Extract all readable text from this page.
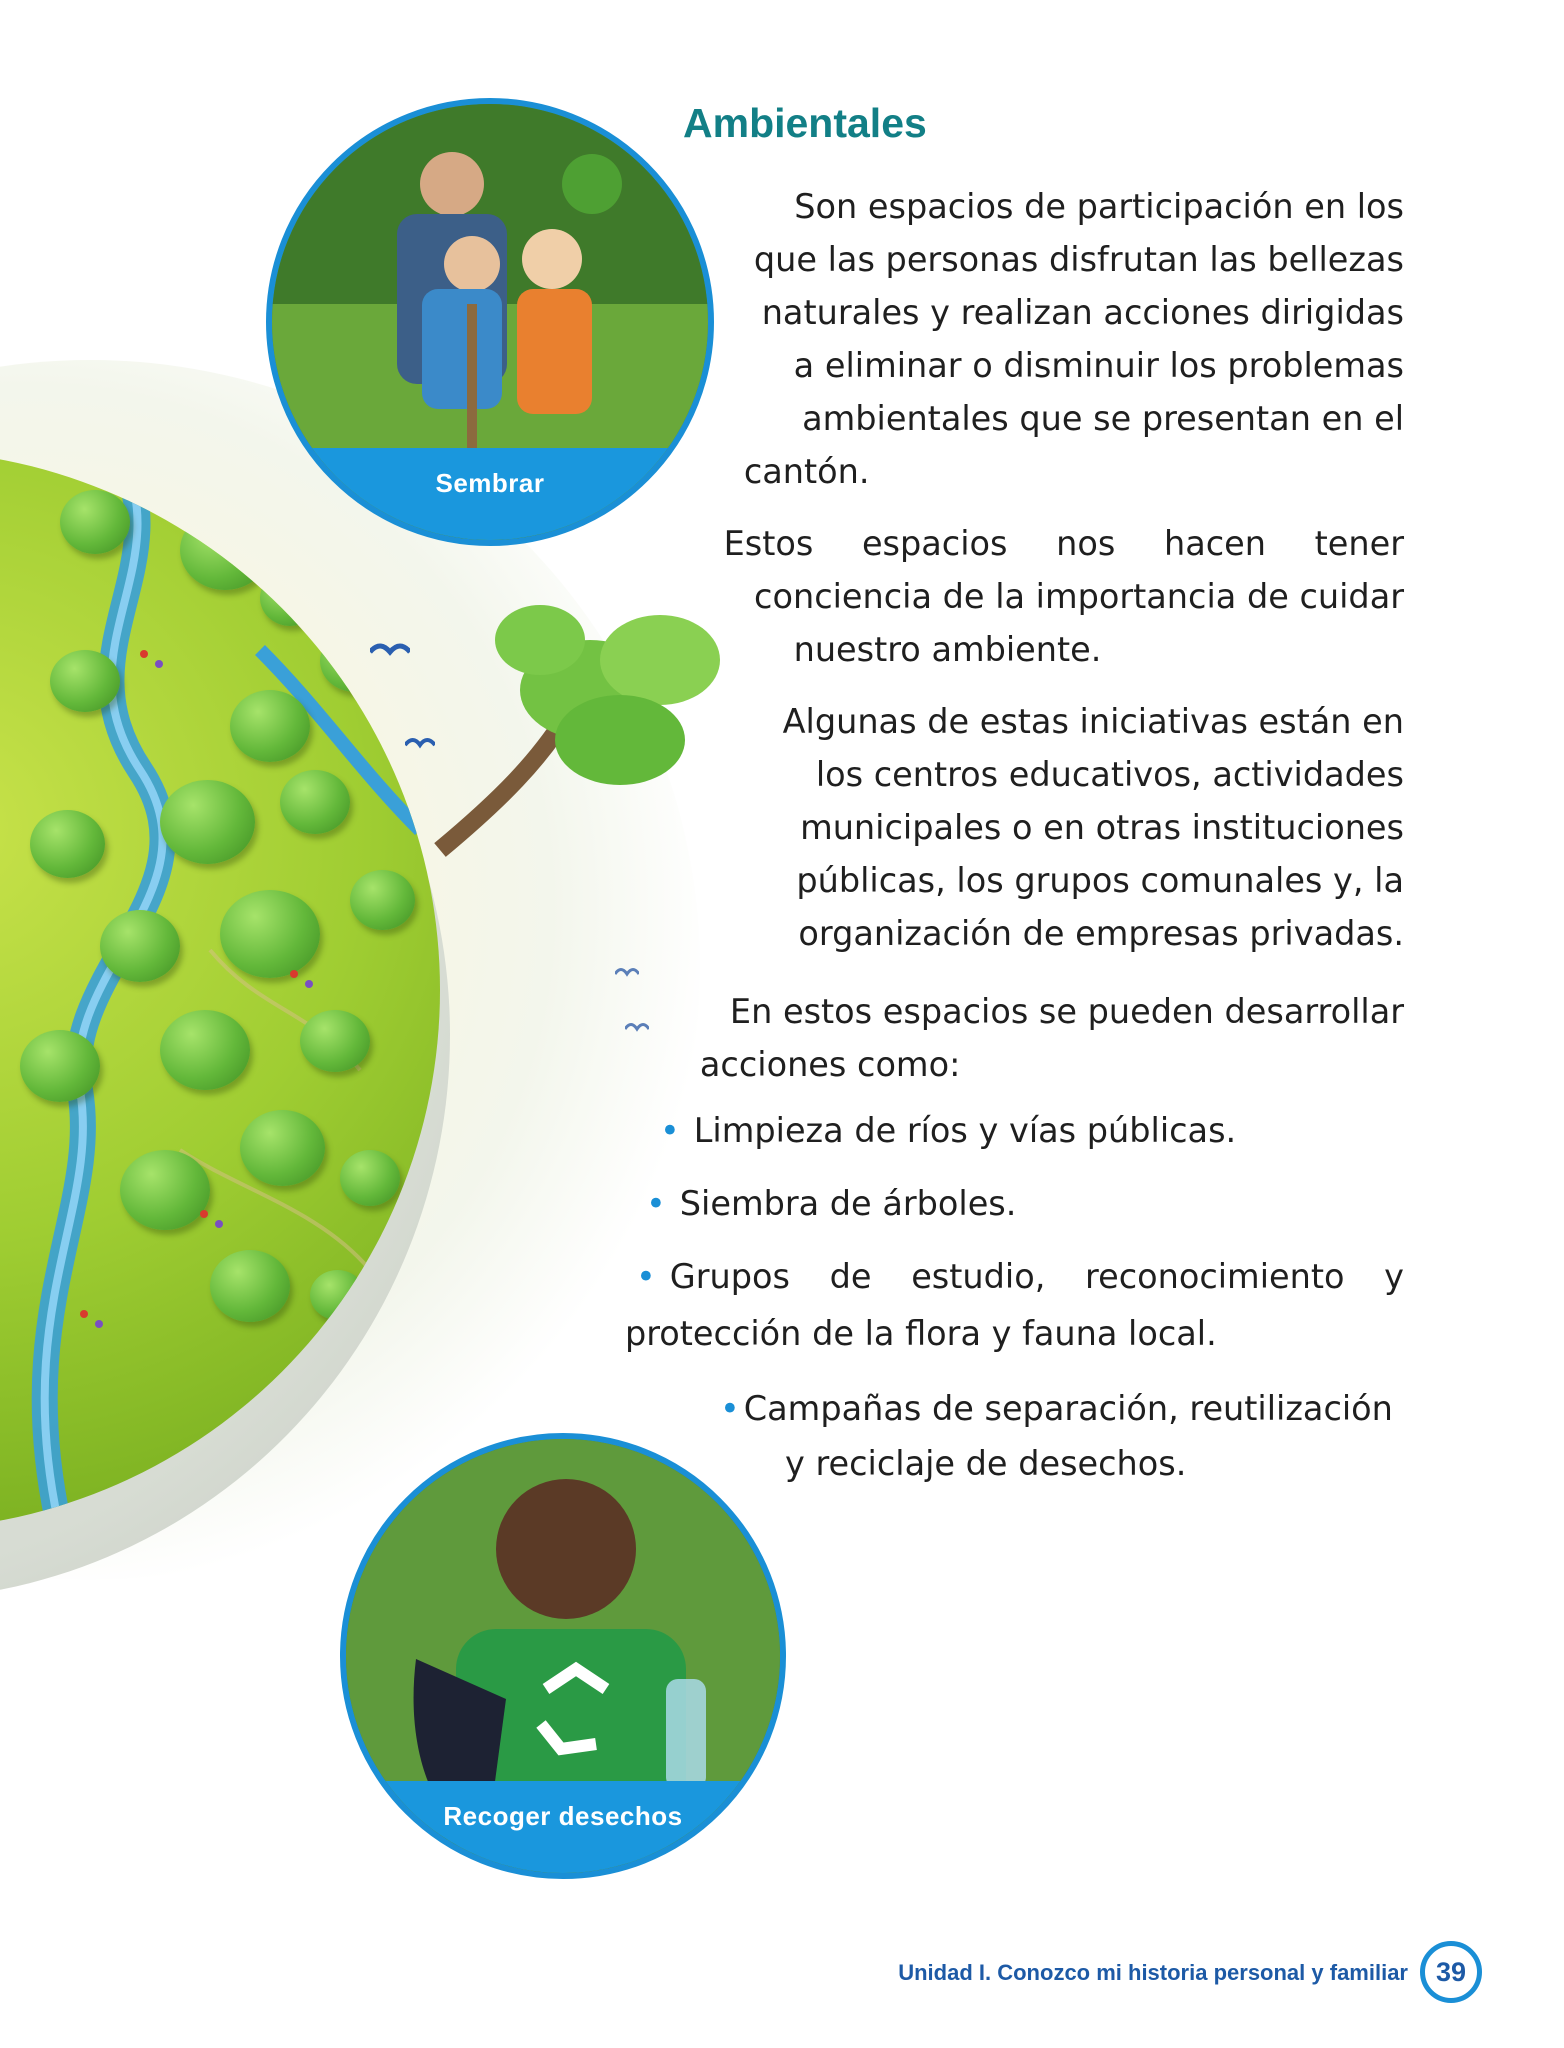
Sembrar
Recoger desechos
Ambientales
Son espacios de participación en los
que las personas disfrutan las bellezas
naturales y realizan acciones dirigidas
a eliminar o disminuir los problemas
ambientales que se presentan en el
cantón.
Estos espacios nos hacen tener
conciencia de la importancia de cuidar
nuestro ambiente.
Algunas de estas iniciativas están en
los centros educativos, actividades
municipales o en otras instituciones
públicas, los grupos comunales y, la
organización de empresas privadas.
En estos espacios se pueden desarrollar
acciones como:

• Limpieza de ríos y vías públicas.

• Siembra de árboles.

• Grupos de estudio, reconocimiento y

protección de la flora y fauna local.

• Campañas de separación, reutilización

y reciclaje de desechos.

Unidad I. Conozco mi historia personal y familiar	39
